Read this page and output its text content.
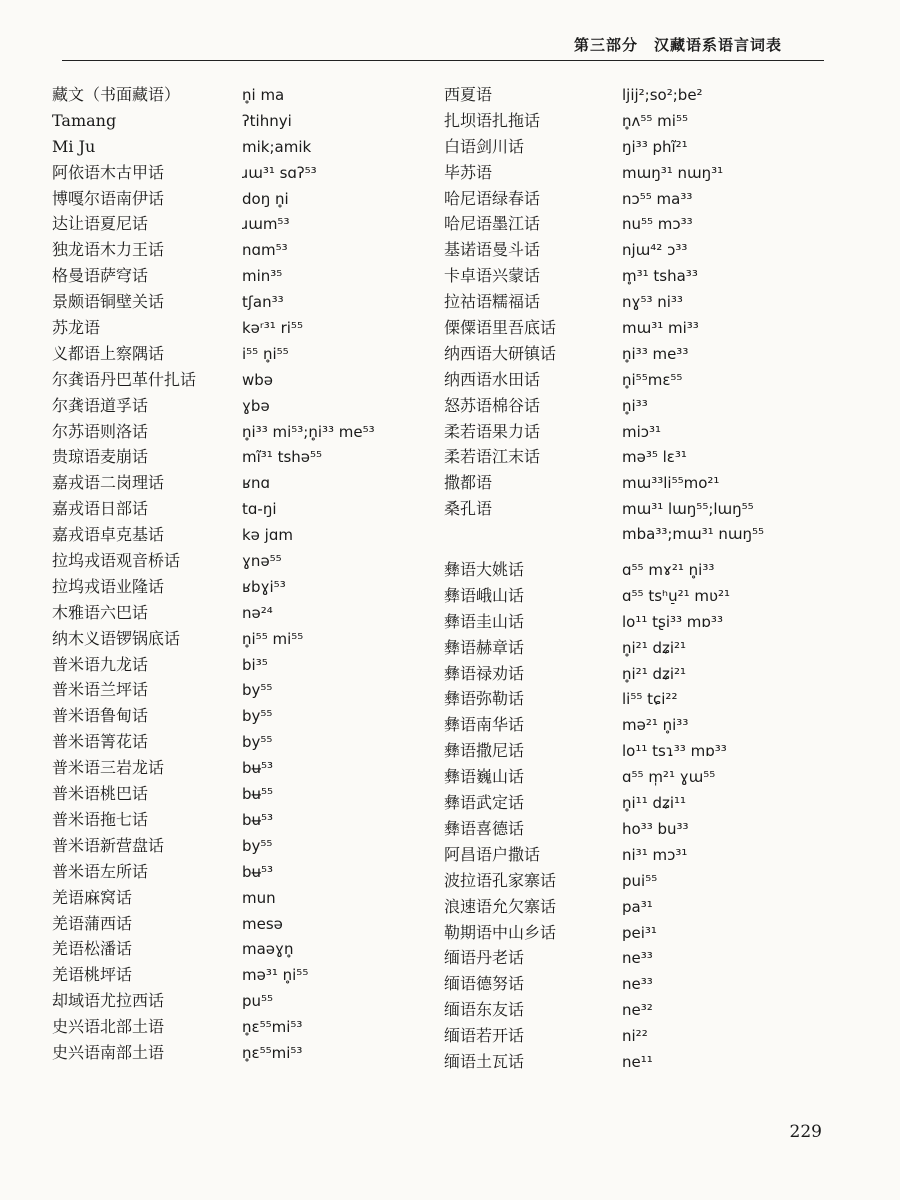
第三部分　汉藏语系语言词表
藏文（书面藏语）	n̥i ma
Tamang	ʔtihnyi
Mi Ju	mik;amik
阿依语木古甲话	ɹɯ³¹ sɑʔ⁵³
博嘎尔语南伊话	doŋ n̥i
达让语夏尼话	ɹɯm⁵³
独龙语木力王话	nɑm⁵³
格曼语萨穹话	min³⁵
景颇语铜壁关话	tʃan³³
苏龙语	kəʳ³¹ ri⁵⁵
义都语上察隅话	i⁵⁵ n̥i⁵⁵
尔龚语丹巴革什扎话	wbə
尔龚语道孚话	ɣbə
尔苏语则洛话	n̥i³³ mi⁵³;n̥i³³ me⁵³
贵琼语麦崩话	mĩ³¹ tshə⁵⁵
嘉戎语二岗理话	ʁnɑ
嘉戎语日部话	tɑ-ŋi
嘉戎语卓克基话	kə jɑm
拉坞戎语观音桥话	ɣnə⁵⁵
拉坞戎语业隆话	ʁbɣi⁵³
木雅语六巴话	nə²⁴
纳木义语锣锅底话	n̥i⁵⁵ mi⁵⁵
普米语九龙话	bi³⁵
普米语兰坪话	by⁵⁵
普米语鲁甸话	by⁵⁵
普米语箐花话	by⁵⁵
普米语三岩龙话	bʉ⁵³
普米语桃巴话	bʉ⁵⁵
普米语拖七话	bʉ⁵³
普米语新营盘话	by⁵⁵
普米语左所话	bʉ⁵³
羌语麻窝话	mun
羌语蒲西话	mesə
羌语松潘话	maəɣn̥
羌语桃坪话	mə³¹ n̥i⁵⁵
却域语尤拉西话	pu⁵⁵
史兴语北部土语	n̥ɛ⁵⁵mi⁵³
史兴语南部土语	n̥ɛ⁵⁵mi⁵³
西夏语	ljij²;so²;be²
扎坝语扎拖话	n̥ʌ⁵⁵ mi⁵⁵
白语剑川话	ŋi³³ phĩ²¹
毕苏语	mɯŋ³¹ nɯŋ³¹
哈尼语绿春话	nɔ⁵⁵ ma³³
哈尼语墨江话	nu⁵⁵ mɔ³³
基诺语曼斗话	njɯ⁴² ɔ³³
卡卓语兴蒙话	m̥³¹ tsha³³
拉祜语糯福话	nɣ⁵³ ni³³
傈僳语里吾底话	mɯ³¹ mi³³
纳西语大研镇话	n̥i³³ me³³
纳西语水田话	n̥i⁵⁵mɛ⁵⁵
怒苏语棉谷话	n̥i³³
柔若语果力话	miɔ³¹
柔若语江末话	mə³⁵ lɛ³¹
撒都语	mɯ³³li⁵⁵mo²¹
桑孔语	mɯ³¹ lɯŋ⁵⁵;lɯŋ⁵⁵
mba³³;mɯ³¹ nɯŋ⁵⁵
彝语大姚话	ɑ⁵⁵ mɤ²¹ n̥i³³
彝语峨山话	ɑ⁵⁵ tsʰu̠²¹ mʋ²¹
彝语圭山话	lo¹¹ tʂi³³ mɒ³³
彝语赫章话	n̥i²¹ dʑi²¹
彝语禄劝话	n̥i²¹ dʑi²¹
彝语弥勒话	li⁵⁵ tɕi²²
彝语南华话	mə²¹ n̥i³³
彝语撒尼话	lo¹¹ tsɿ³³ mɒ³³
彝语巍山话	ɑ⁵⁵ m̩²¹ ɣɯ⁵⁵
彝语武定话	n̥i¹¹ dʑi¹¹
彝语喜德话	ho³³ bu³³
阿昌语户撒话	ni³¹ mɔ³¹
波拉语孔家寨话	pui⁵⁵
浪速语允欠寨话	pa³¹
勒期语中山乡话	pei³¹
缅语丹老话	ne³³
缅语德努话	ne³³
缅语东友话	ne³²
缅语若开话	ni²²
缅语土瓦话	ne¹¹
229
